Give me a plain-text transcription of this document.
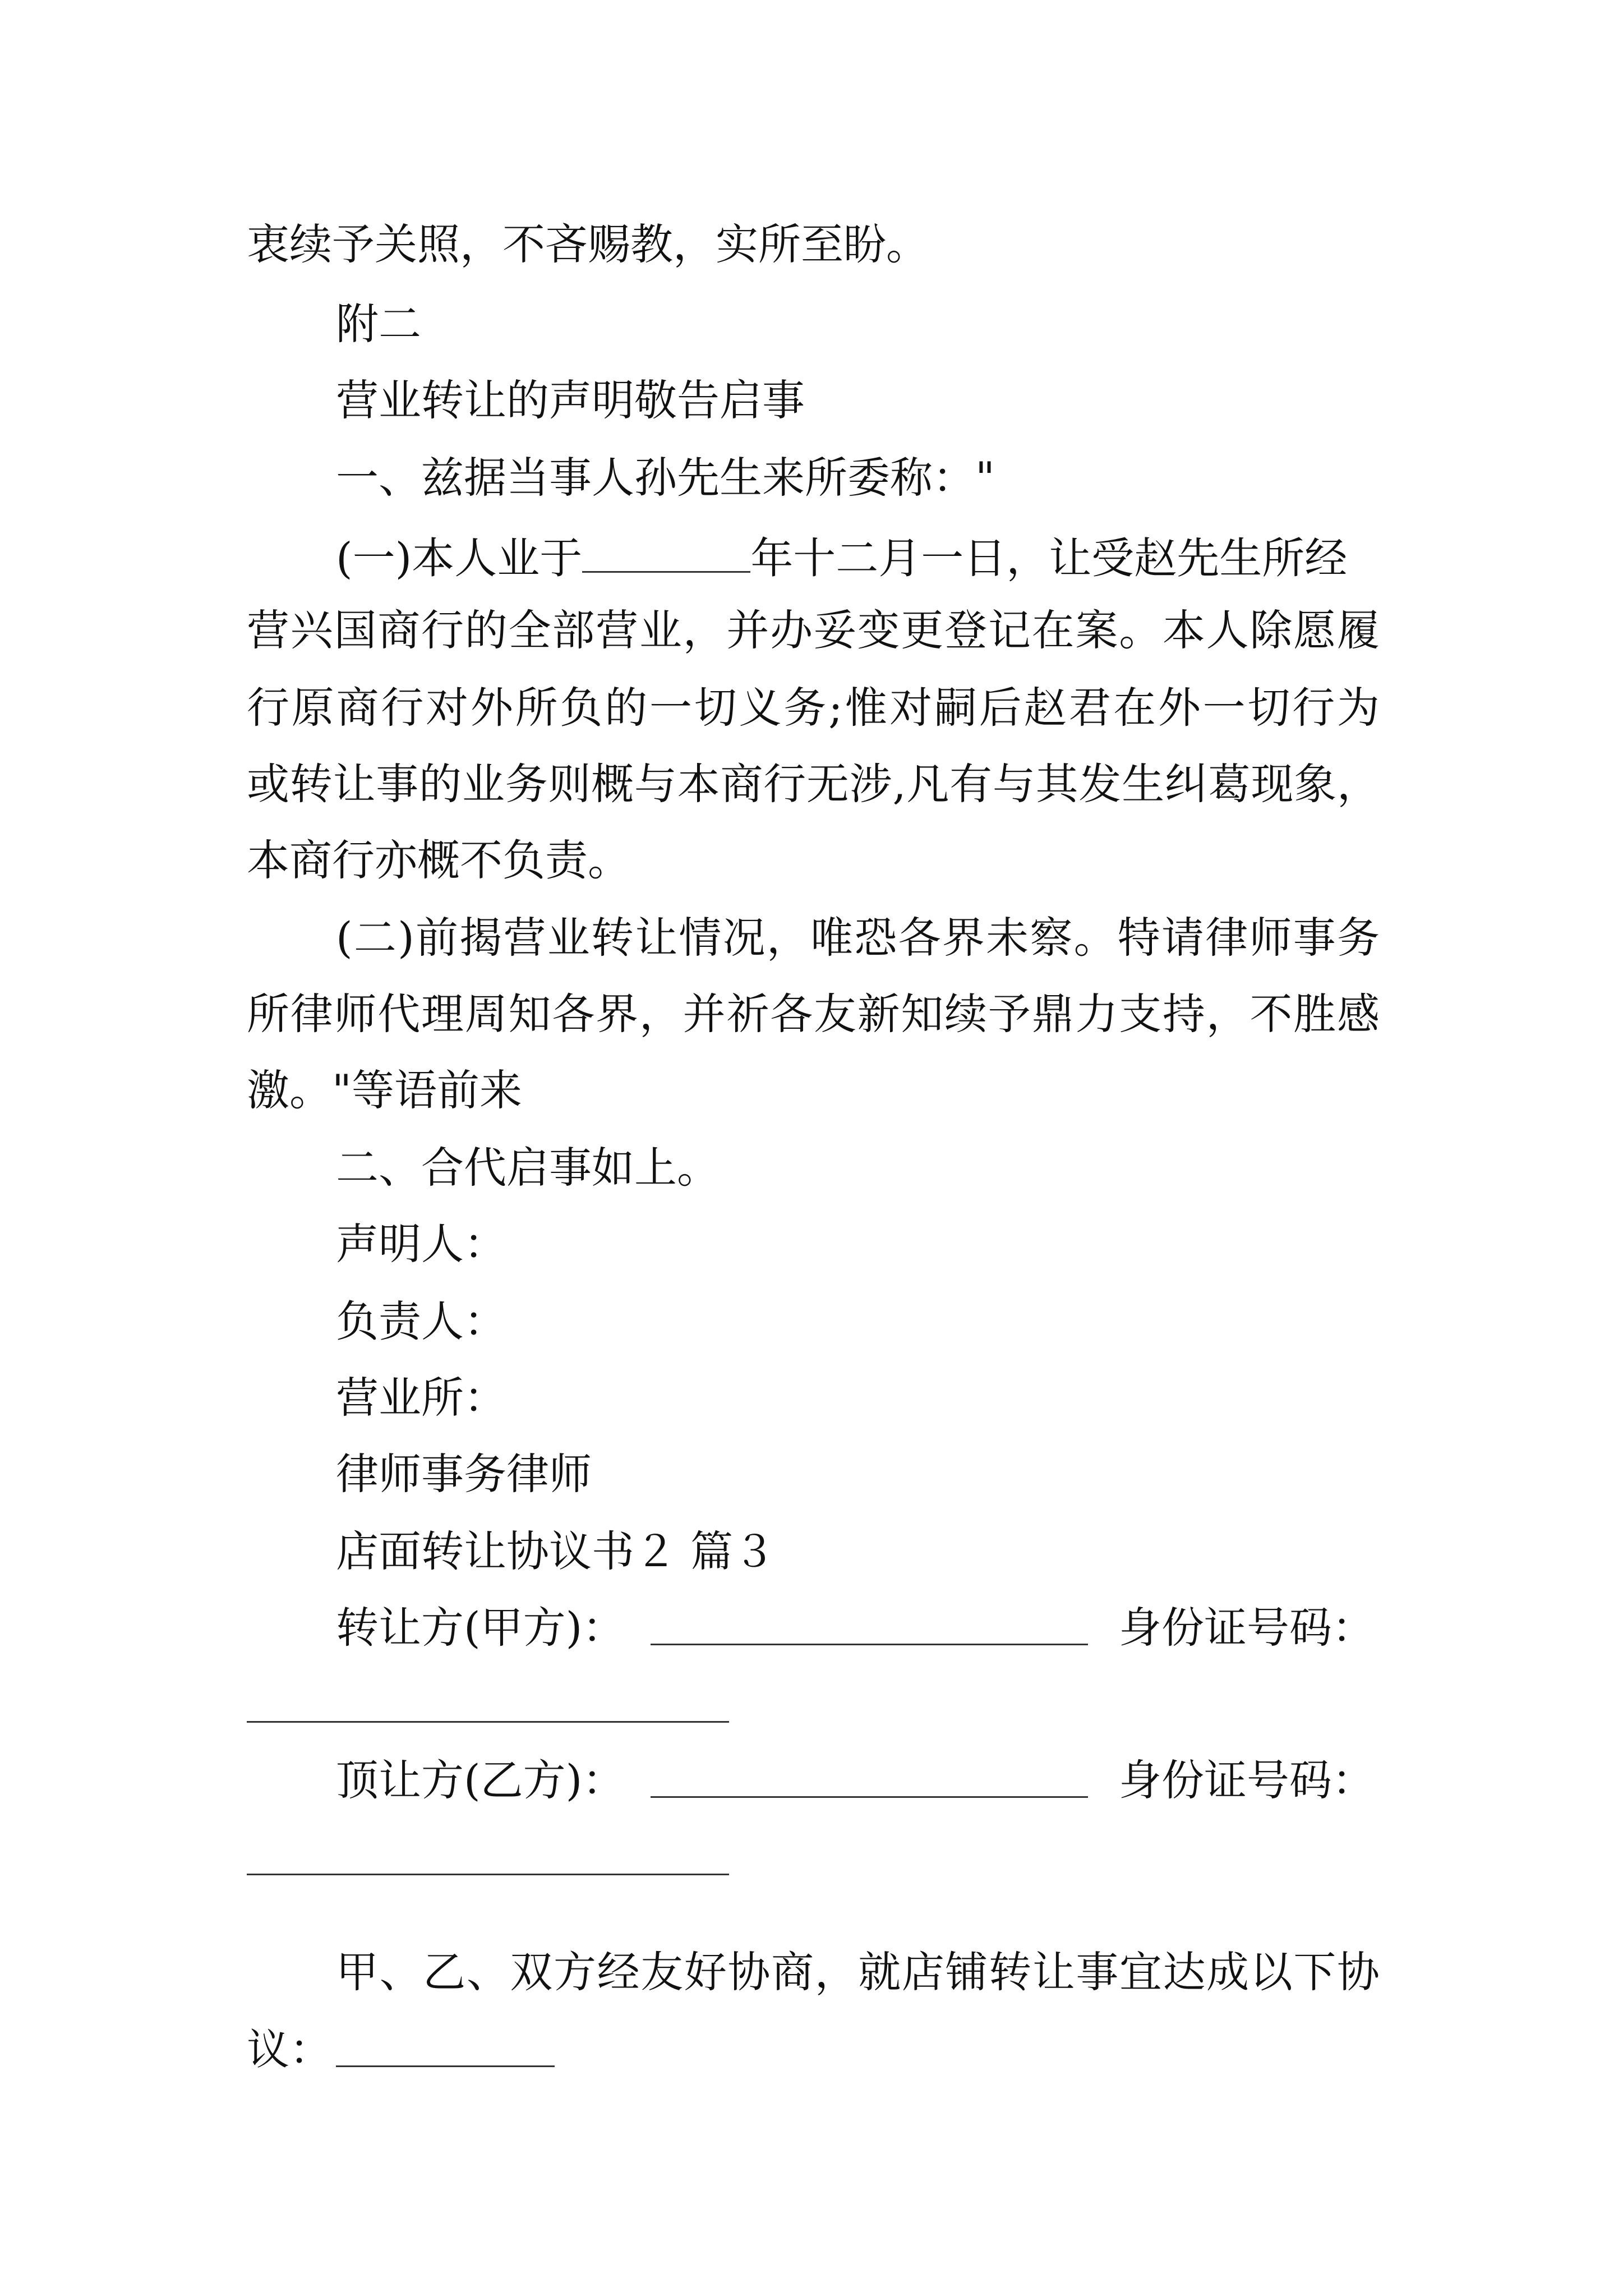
衷续予关照，不吝赐教，实所至盼。
附二
营业转让的声明敬告启事
一、兹据当事人孙先生来所委称："
(一)本人业于	年十二月一日，让受赵先生所经
营兴国商行的全部营业，并办妥变更登记在案。本人除愿履
行原商行对外所负的一切义务;惟对嗣后赵君在外一切行为
或转让事的业务则概与本商行无涉,凡有与其发生纠葛现象，
本商行亦概不负责。
(二)前揭营业转让情况，唯恐各界未察。特请律师事务
所律师代理周知各界，并祈各友新知续予鼎力支持，不胜感
激。"等语前来
二、合代启事如上。
声明人：
负责人：
营业所：
律师事务律师
店面转让协议书２ 篇３
转让方(甲方)：	身份证号码：
顶让方(乙方)：	身份证号码：
甲、乙、双方经友好协商，就店铺转让事宜达成以下协
议：
